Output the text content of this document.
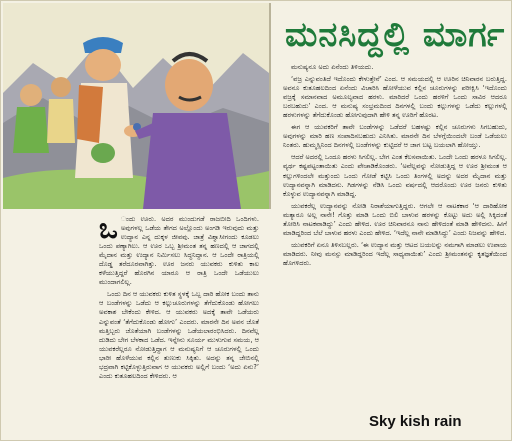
ಮನಸಿದ್ದಲ್ಲಿ ಮಾರ್ಗ

ಒ ಂದು ಊರು. ಅದರ ಮುಂದುಗಡೆ ರಾಜಬೀದಿ ಒಂದಿಗಳು. ಅವುಗಳಲ್ಲ ಒಡೆಯ ತೇಗದ ಅಲ್ಲೊಂದು ಅಂಗಡಿ ಇರುವುದು ಮತ್ತು ಉದ್ಯಾನ ಎನ್ನ ದುಕ್ಕಳ ಜೀವವು. ಜಾತ್ರೆ ವಿಶ್ವಾಸೀಗಂದು ಕೂಡಲು ಒಂದು ಪಣ್ಯಾಗಿಲು. ಆ ಊರ ಒಬ್ಬ ಶ್ರೀಮಂತ ತನ್ನ ಹಣದಲ್ಲಿ ಆ ಜಾಗದಲ್ಲಿ ಮೈದಾನ ಮತ್ತು ಉದ್ಯಾನ ನಿರ್ಮಿಸಲು ಸಿದ್ಧನಿದ್ದಾನ. ಆ ಒಂದೇ ರಾತ್ರಿಯಲ್ಲಿ ದೊಡ್ಡ ತರೆದೂರವಾಗಿತ್ತು. ಊರ ಜನರು ಯುವಕರು ಕುಳಿತು ಕಾಲ ಕಳೆಯುತ್ತಿದ್ದರೆ ಹೊರಗಿನ ಯಾರೂ ಆ ರಾತ್ರಿ ಒಂದೇ ಒಡೆಯುಲು ಮುಂದಾಗಲಿಲ್ಲ.

ಒಂದು ದಿನ ಆ ಯುವಕರು ಕುಳಿತ ಸ್ಥಳಕ್ಕೆ ಒಬ್ಬ ದಾರಿ ಹೋಕ ಬಂದು ತಾನು ಆ ಬಂಡೆಗಳನ್ನು ಒಡೆದು ಆ ಕಲ್ಲುಚೂರುಗಳನ್ನು ತೆಗೆದುಕೊಂಡು ಹೋಗಲು ಅವಕಾಶ ಬೇಕೆಂದು ಕೇಳಿದ. ಆ ಯುವಕರು ಅದಕ್ಕೆ ತಾವೇ ಒಡೆಯರು ಎನ್ನುವಂತೆ ‘ತೆಗೆದುಕೊಂಡು ಹೋಗು’ ಎಂದರು. ಮಾರನೇ ದಿನ ಅವನ ಜೊತೆ ಮತ್ತಿಬ್ಬರು ಜೊತೆಯಾಗಿ ಬಂಡೆಗಳನ್ನು ಒಡೆಯಲಾರಂಭಿಸಿದರು. ದಿನವೆಲ್ಲ ದುಡಿದು ಬೇಗ ಬೆಳಕಾದ ಒಡೆದ. ಇನ್ನೇನು ಸೂರ್ಯ ಮುಳುಗುವ ಸಮಯ, ಆ ಯುವಕರೆಲ್ಲರೂ ನೋಡುತ್ತಿದ್ದಾಗ ಆ ಮನುಷ್ಯನಿಗೆ ಆ ಚೂರುಗಳಲ್ಲಿ ಒಂದು ಭಾರೀ ಹೊಳೆಯುವ ಕಲ್ಲಿನ ತುಣುಕು ಸಿಕ್ಕಿತು. ಅದನ್ನು ತನ್ನ ಜೇಬಿನಲ್ಲಿ ಭದ್ರವಾಗಿ ಕಟ್ಟಿಕೊಳ್ಳುತ್ತಿರುವಾಗ ಆ ಯುವಕರು ಅಲ್ಲಿಗೆ ಬಂದು ‘ಅದು ಏನು?’ ಎಂದು ಕುತೂಹಲದಿಂದ ಕೇಳಿದರು. ಆ

ಮನುಷ್ಯನೂ ಅದು ಏನೆಂದು ತಿಳಿಯದು.

‘ವಜ್ರ ಎನ್ನುವಂತಿದೆ ಇದೊಂದು ಕೇಳುತ್ತೇನೆ’ ಎಂದ. ಆ ಸಮಯದಲ್ಲಿ ಆ ಊರಿನ ಚಿನಿವಾರನ ಬರುತ್ತಿದ್ದ. ಅವನೂ ಕುತೂಹಲದಿಂದ ಏನೆಂದು ವಿಚಾರಿಸಿ ಹೋಳೆಯುವ ಕಲ್ಲಿನ ಚೂರುಗಳನ್ನು ಪರೀಕ್ಷಿಸಿ ‘ಇದೊಂದು ವಜ್ರಕ್ಕೆ ಸಮಾನವಾದ ಅಮೂಲ್ಯವಾದ ಹರಳು. ಮಾರಿದರೆ ಒಂದು ಹರಳಿಗೆ ಒಂದು ಸಾವಿರ ಆದರೂ ಬರಬಹುದು’ ಎಂದ. ಆ ಮನುಷ್ಯ ಸಂಭ್ರಮದಿಂದ ದಿನಗಳಲ್ಲಿ ಬಂದು ಕಲ್ಲುಗಳನ್ನು ಒಡೆದು ಕಲ್ಲುಗಳಲ್ಲಿ ಹರಳುಗಳನ್ನು ತೆಗೆದುಕೊಂಡು ಹೋಗುವುದಾಗಿ ಹೇಳಿ ತನ್ನ ಊರಿಗೆ ಹೊರಟ.

ಈಗ ಆ ಯುವಕರಿಗೆ ತಾವೇ ಬಂಡೆಗಳನ್ನು ಒಡೆದರೆ ಬಹಳಷ್ಟು ಕಲ್ಲಿನ ಚೂರುಗಳು ಸಿಗಬಹುದು, ಅವುಗಳನ್ನು ಮಾರಿ ಹಣ ಸಂಪಾದಿಸಬಹುದು ಎನಿಸಿತು. ಮಾರನೇ ದಿನ ಬೆಳಗ್ಗೆಯಿಂದಲೇ ಬಂಡೆ ಒಡೆಯಲು ನಿಂತರು. ಹುಮ್ಮಸ್ಸಿನಿಂದ ದಿನಗಳಲ್ಲಿ ಬಂಡೆಗಳನ್ನು ಕುಟ್ಟಿದರೆ ಆ ಜಾಗ ಬಟ್ಟ ಬಯಲಾಗಿ ಹೋಯ್ತು.

ಆದರೆ ಅದರಲ್ಲಿ ಒಂದೂ ಹರಳು ಸಿಗಲಿಲ್ಲ. ಬೇಗ ಎಂತ ಕೆಲಸವಾಯಿತು. ಒಂದೇ ಒಂದು ಹರಳೂ ಸಿಗಲಿಲ್ಲ. ವ್ಯರ್ಥ ಕಷ್ಟಪಟ್ಟಂತಾಯಿತು ಎಂದು ಪೇಚಾಡಿಕೊಂಡರು. ‘ಅವೆಲ್ಲವನ್ನು ನೋಡುತ್ತಿದ್ದ ಆ ಊರ ಶ್ರೀಮಂತ ಆ ಕಲ್ಲುಗಳಿಂದಲೇ ಮತ್ತುಂದು ಒಂದು ಗೋಡೆ ಕಟ್ಟಿಸಿ ಒಂದು ತಿಂಗಳಲ್ಲಿ ಅದನ್ನು ಅದರ ಮೈದಾನ ಮತ್ತು ಉದ್ಯಾನವನ್ನಾಗಿ ಮಾಡಿದನು. ಗಿಡಗಳನ್ನು ನೆಡಿಸಿ ಒಂದು ವರ್ಷದಲ್ಲಿ ಆದರೊಂದು ಊರ ಜನರು ಕುಳಿತು ಕೊಳ್ಳುವ ಉದ್ಯಾನವನ್ನಾಗಿ ಮಾಡಿದ್ದ.

ಯುವಕರೆಲ್ಲ ಉದ್ಯಾನವನ್ನು ನೋಡಿ ನಿರಾಶೆಯಾಗುತ್ತಿದ್ದರು. ಆಗಲೇ ಆ ನಾಟಕಕಾರ ‘ಆ ದಾರಿಹೋಕ ಮತ್ಯಾರೂ ಅಲ್ಲ ನಾನೇ! ಗೊತ್ತು ಮಾಡಿ ಒಂದು ಬಿಲಿ ಬಾಳುವ ಹರಳನ್ನು ಕೊಟ್ಟು ಅದು ಅಲ್ಲಿ ಸಿಕ್ಕಿದಂತೆ ತೋರಿಸಿ ನಾಟಕವಾಡಿದ್ದು’ ಎಂದು ಹೇಳಿದ. ಊರ ಚಿನಿವಾರನೂ ನಾನು ಹೇಳಿದಂತೆ ಮಾಡಿ ಹೇಳಿದನು. ಹೀಗೆ ಮಾಡಿದ್ದರಿಂದ ಬೆಲೆ ಬಾಳುವ ಹರಳು ಎಂದು ಹೇಳಿದ. ‘ಇದೆಲ್ಲ ನಾನೇ ಮಾಡಿಸಿದ್ದು’ ಎಂದು ನಿಜವನ್ನು ಹೇಳಿದ.

ಯುವಕರಿಗೆ ಏನೂ ತಿಳಿಸಬಲ್ಲರು. ‘ಈ ಉದ್ಯಾನ ಮತ್ತು ಆಟದ ಬಯಲನ್ನು ನಮಗಾಗಿ ಮಾಡಲು ಉಪಾಯ ಮಾಡಿದರು. ನೀವು ಮನಸ್ಸು ಮಾಡಿದ್ದರಿಂದ ಇದೆಲ್ಲ ಸಾಧ್ಯವಾಯಿತು’ ಎಂದು ಶ್ರೀಮಂತನನ್ನು ಕೃತಜ್ಞತೆಯಿಂದ ಹೊಗಳಿದರು.

Sky kish rain
